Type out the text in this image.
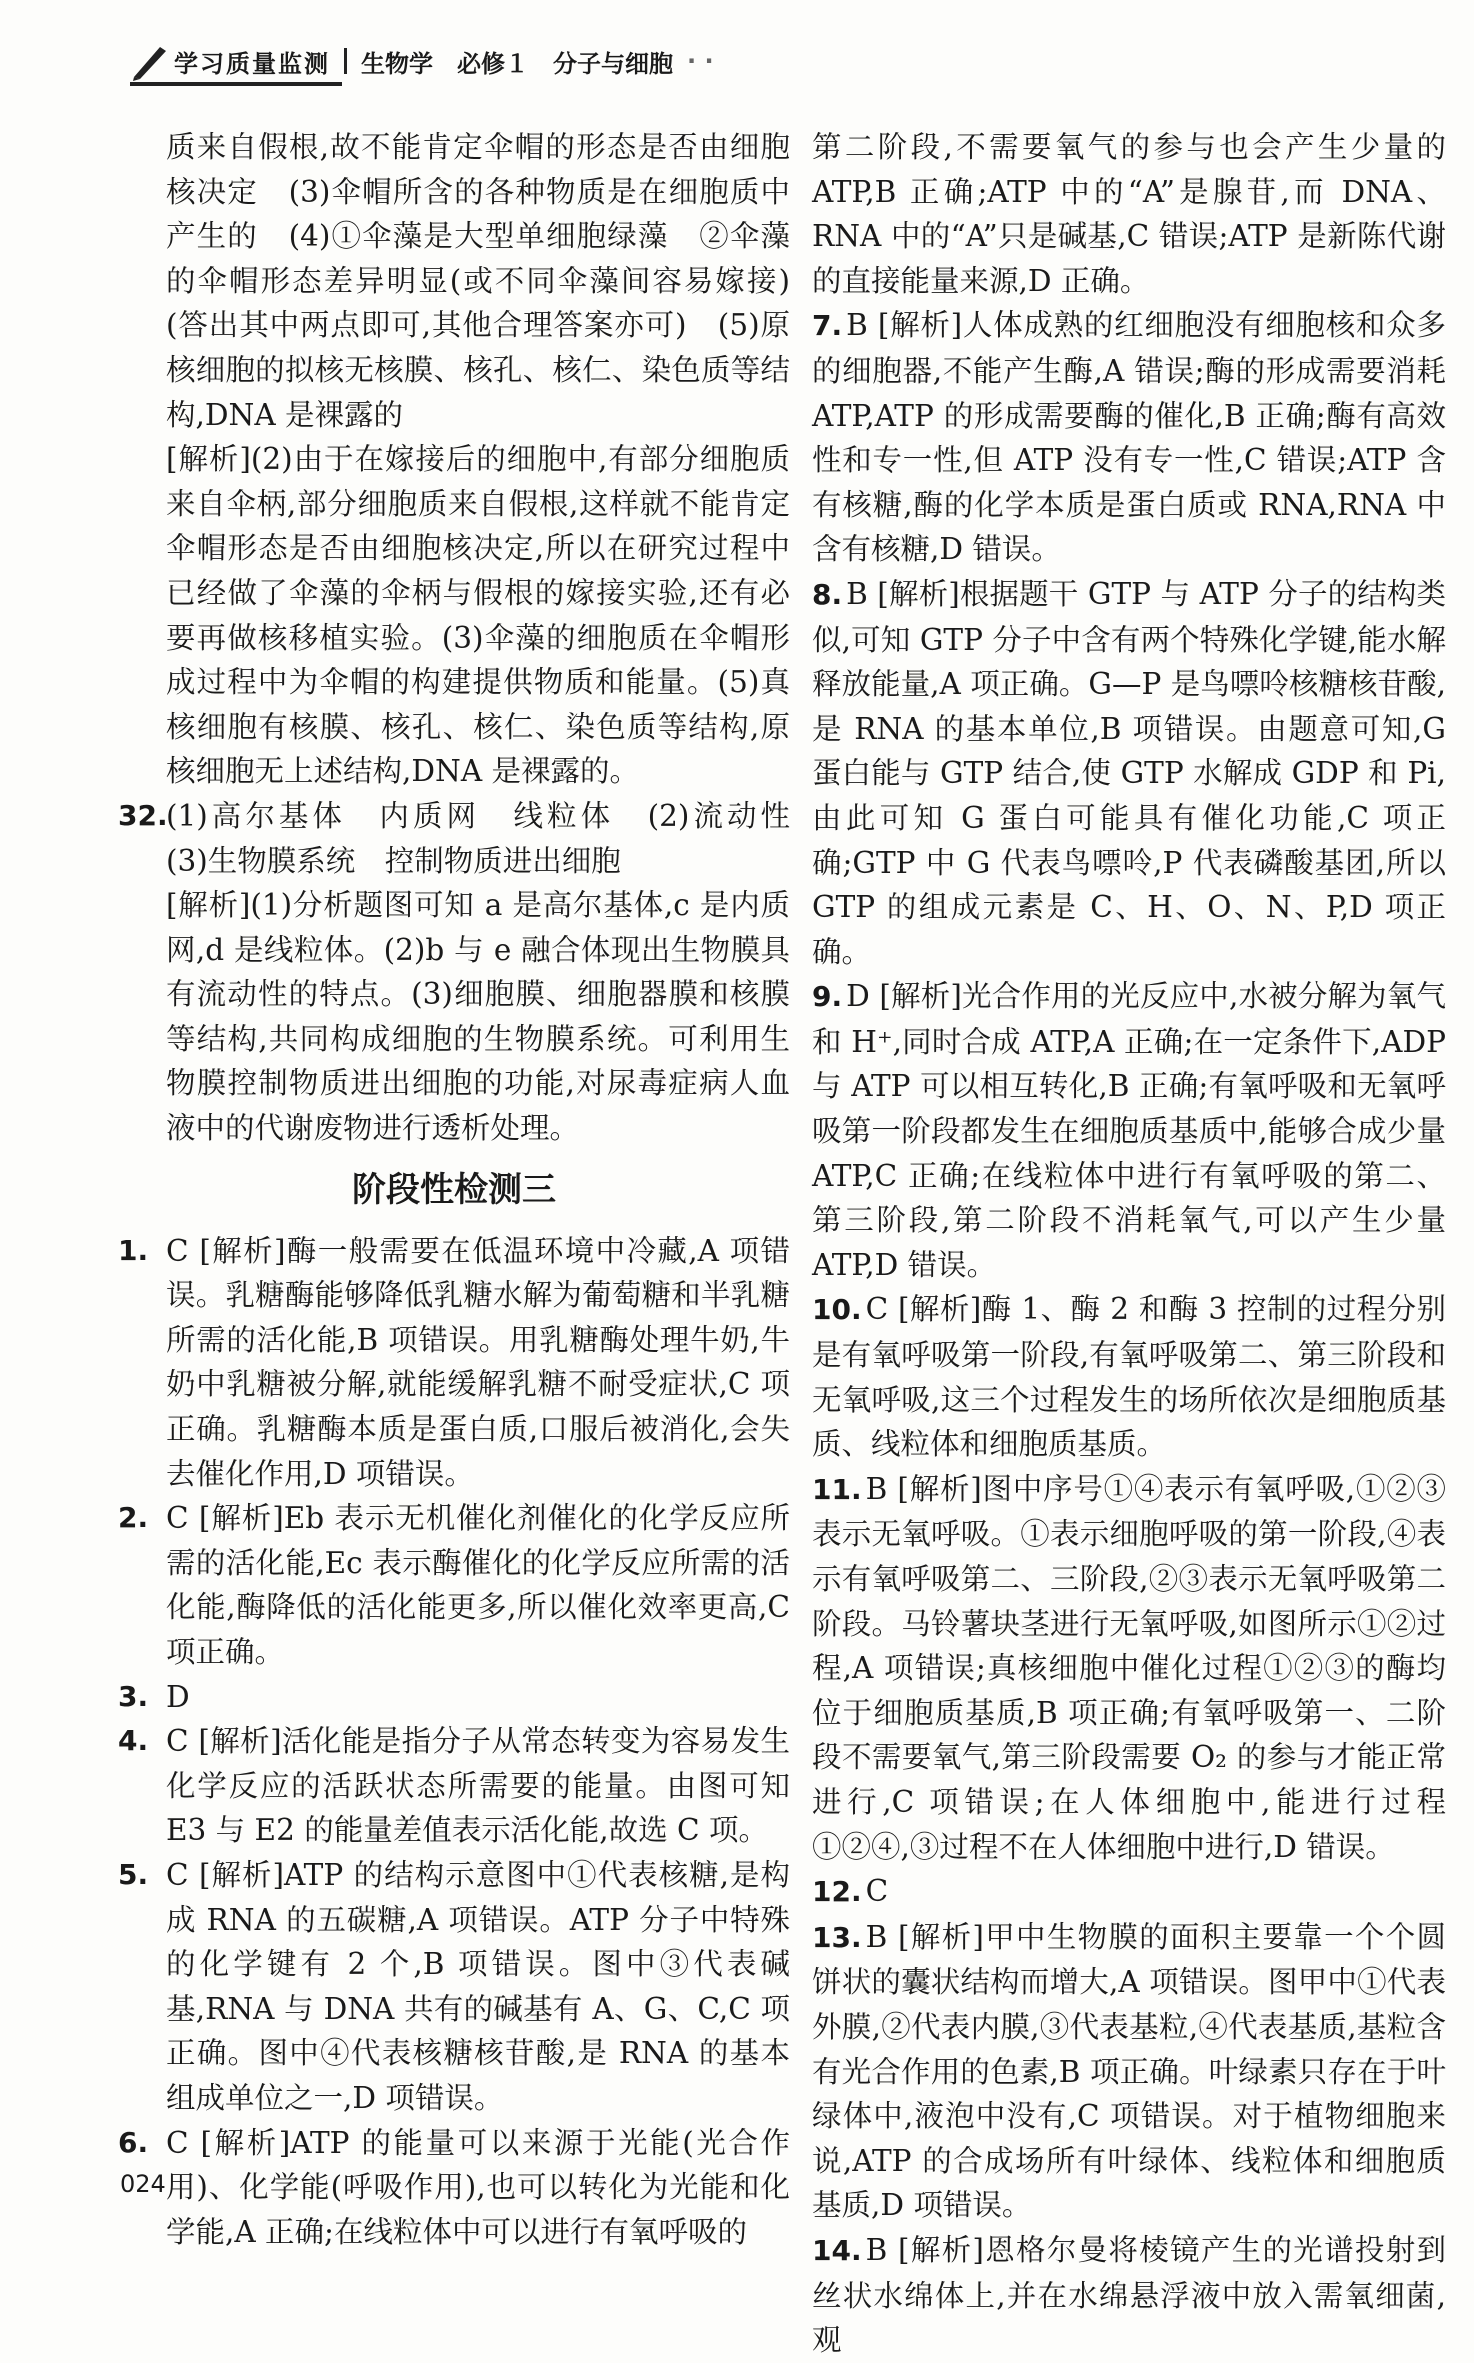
学习质量监测 生物学　必修１　分子与细胞 · ·

质来自假根,故不能肯定伞帽的形态是否由细胞核决定　(3)伞帽所含的各种物质是在细胞质中产生的　(4)①伞藻是大型单细胞绿藻　②伞藻的伞帽形态差异明显(或不同伞藻间容易嫁接)(答出其中两点即可,其他合理答案亦可)　(5)原核细胞的拟核无核膜、核孔、核仁、染色质等结构,DNA 是裸露的

[解析](2)由于在嫁接后的细胞中,有部分细胞质来自伞柄,部分细胞质来自假根,这样就不能肯定伞帽形态是否由细胞核决定,所以在研究过程中已经做了伞藻的伞柄与假根的嫁接实验,还有必要再做核移植实验。(3)伞藻的细胞质在伞帽形成过程中为伞帽的构建提供物质和能量。(5)真核细胞有核膜、核孔、核仁、染色质等结构,原核细胞无上述结构,DNA 是裸露的。

32.

(1)高尔基体　内质网　线粒体　(2)流动性　(3)生物膜系统　控制物质进出细胞

[解析](1)分析题图可知 a 是高尔基体,c 是内质网,d 是线粒体。(2)b 与 e 融合体现出生物膜具有流动性的特点。(3)细胞膜、细胞器膜和核膜等结构,共同构成细胞的生物膜系统。可利用生物膜控制物质进出细胞的功能,对尿毒症病人血液中的代谢废物进行透析处理。

阶段性检测三
1. C [解析]酶一般需要在低温环境中冷藏,A 项错误。乳糖酶能够降低乳糖水解为葡萄糖和半乳糖所需的活化能,B 项错误。用乳糖酶处理牛奶,牛奶中乳糖被分解,就能缓解乳糖不耐受症状,C 项正确。乳糖酶本质是蛋白质,口服后被消化,会失去催化作用,D 项错误。

2. C [解析]Eb 表示无机催化剂催化的化学反应所需的活化能,Ec 表示酶催化的化学反应所需的活化能,酶降低的活化能更多,所以催化效率更高,C 项正确。

3. D

4. C [解析]活化能是指分子从常态转变为容易发生化学反应的活跃状态所需要的能量。由图可知 E3 与 E2 的能量差值表示活化能,故选 C 项。

5. C [解析]ATP 的结构示意图中①代表核糖,是构成 RNA 的五碳糖,A 项错误。ATP 分子中特殊的化学键有 2 个,B 项错误。图中③代表碱基,RNA 与 DNA 共有的碱基有 A、G、C,C 项正确。图中④代表核糖核苷酸,是 RNA 的基本组成单位之一,D 项错误。

6. C [解析]ATP 的能量可以来源于光能(光合作用)、化学能(呼吸作用),也可以转化为光能和化学能,A 正确;在线粒体中可以进行有氧呼吸的

第二阶段,不需要氧气的参与也会产生少量的 ATP,B 正确;ATP 中的“A”是腺苷,而 DNA、RNA 中的“A”只是碱基,C 错误;ATP 是新陈代谢的直接能量来源,D 正确。

7. B [解析]人体成熟的红细胞没有细胞核和众多的细胞器,不能产生酶,A 错误;酶的形成需要消耗 ATP,ATP 的形成需要酶的催化,B 正确;酶有高效性和专一性,但 ATP 没有专一性,C 错误;ATP 含有核糖,酶的化学本质是蛋白质或 RNA,RNA 中含有核糖,D 错误。

8. B [解析]根据题干 GTP 与 ATP 分子的结构类似,可知 GTP 分子中含有两个特殊化学键,能水解释放能量,A 项正确。G—P 是鸟嘌呤核糖核苷酸,是 RNA 的基本单位,B 项错误。由题意可知,G 蛋白能与 GTP 结合,使 GTP 水解成 GDP 和 Pi,由此可知 G 蛋白可能具有催化功能,C 项正确;GTP 中 G 代表鸟嘌呤,P 代表磷酸基团,所以 GTP 的组成元素是 C、H、O、N、P,D 项正确。

9. D [解析]光合作用的光反应中,水被分解为氧气和 H⁺,同时合成 ATP,A 正确;在一定条件下,ADP 与 ATP 可以相互转化,B 正确;有氧呼吸和无氧呼吸第一阶段都发生在细胞质基质中,能够合成少量 ATP,C 正确;在线粒体中进行有氧呼吸的第二、第三阶段,第二阶段不消耗氧气,可以产生少量 ATP,D 错误。

10. C [解析]酶 1、酶 2 和酶 3 控制的过程分别是有氧呼吸第一阶段,有氧呼吸第二、第三阶段和无氧呼吸,这三个过程发生的场所依次是细胞质基质、线粒体和细胞质基质。

11. B [解析]图中序号①④表示有氧呼吸,①②③表示无氧呼吸。①表示细胞呼吸的第一阶段,④表示有氧呼吸第二、三阶段,②③表示无氧呼吸第二阶段。马铃薯块茎进行无氧呼吸,如图所示①②过程,A 项错误;真核细胞中催化过程①②③的酶均位于细胞质基质,B 项正确;有氧呼吸第一、二阶段不需要氧气,第三阶段需要 O₂ 的参与才能正常进行,C 项错误;在人体细胞中,能进行过程①②④,③过程不在人体细胞中进行,D 错误。

12. C

13. B [解析]甲中生物膜的面积主要靠一个个圆饼状的囊状结构而增大,A 项错误。图甲中①代表外膜,②代表内膜,③代表基粒,④代表基质,基粒含有光合作用的色素,B 项正确。叶绿素只存在于叶绿体中,液泡中没有,C 项错误。对于植物细胞来说,ATP 的合成场所有叶绿体、线粒体和细胞质基质,D 项错误。

14. B [解析]恩格尔曼将棱镜产生的光谱投射到丝状水绵体上,并在水绵悬浮液中放入需氧细菌,观

024
